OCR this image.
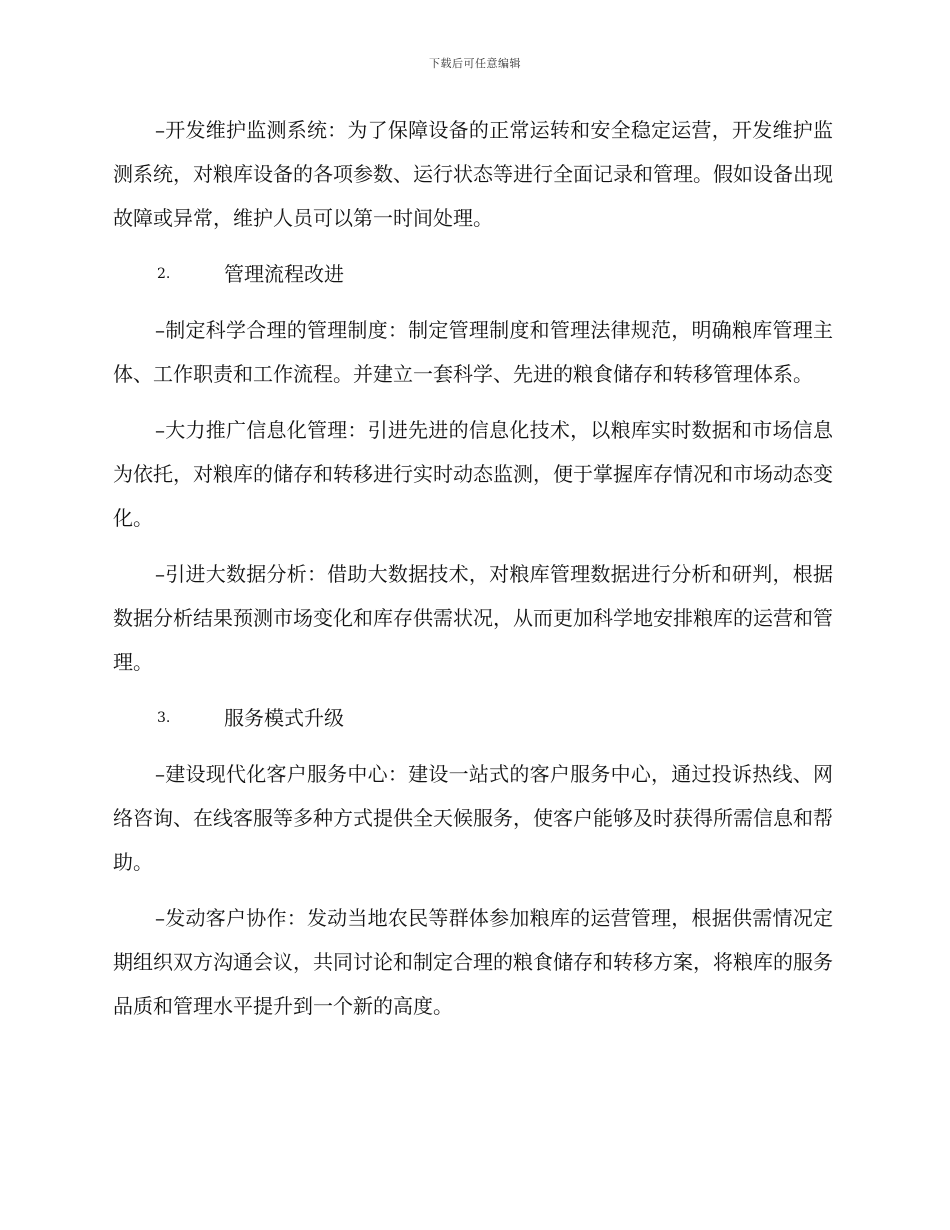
下载后可任意编辑

–开发维护监测系统：为了保障设备的正常运转和安全稳定运营，开发维护监测系统，对粮库设备的各项参数、运行状态等进行全面记录和管理。假如设备出现故障或异常，维护人员可以第一时间处理。

2.	管理流程改进

–制定科学合理的管理制度：制定管理制度和管理法律规范，明确粮库管理主体、工作职责和工作流程。并建立一套科学、先进的粮食储存和转移管理体系。

–大力推广信息化管理：引进先进的信息化技术，以粮库实时数据和市场信息为依托，对粮库的储存和转移进行实时动态监测，便于掌握库存情况和市场动态变化。

–引进大数据分析：借助大数据技术，对粮库管理数据进行分析和研判，根据数据分析结果预测市场变化和库存供需状况，从而更加科学地安排粮库的运营和管理。

3.	服务模式升级

–建设现代化客户服务中心：建设一站式的客户服务中心，通过投诉热线、网络咨询、在线客服等多种方式提供全天候服务，使客户能够及时获得所需信息和帮助。

–发动客户协作：发动当地农民等群体参加粮库的运营管理，根据供需情况定期组织双方沟通会议，共同讨论和制定合理的粮食储存和转移方案，将粮库的服务品质和管理水平提升到一个新的高度。
